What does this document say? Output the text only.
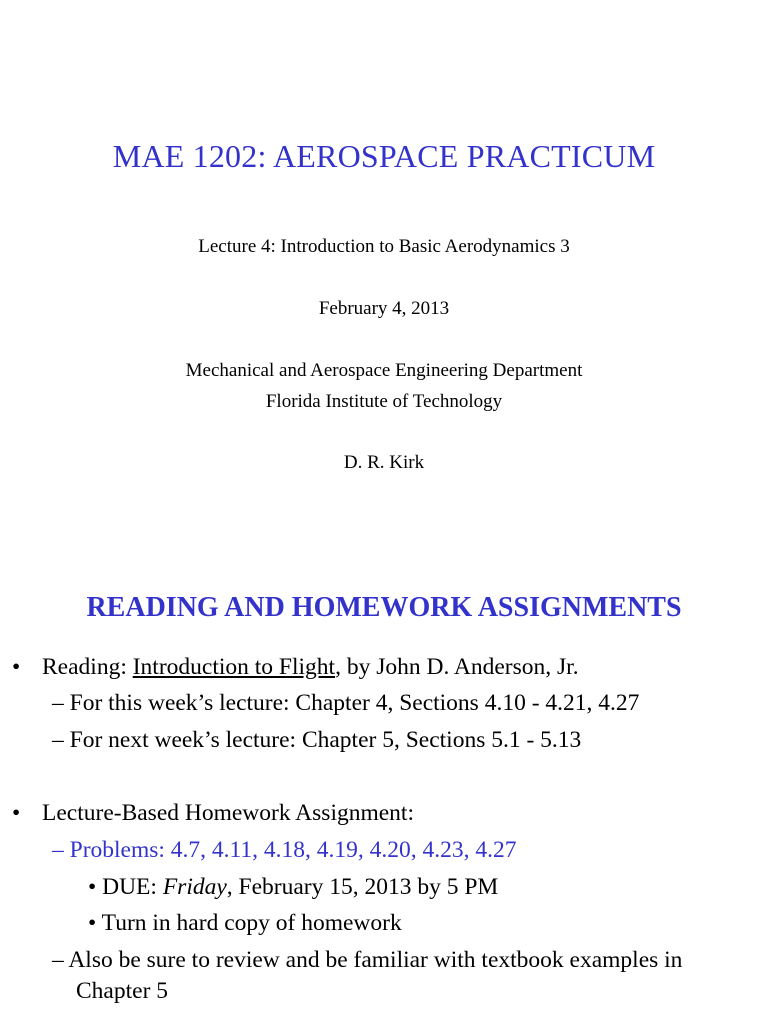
MAE 1202: AEROSPACE PRACTICUM

Lecture 4: Introduction to Basic Aerodynamics 3

February 4, 2013

Mechanical and Aerospace Engineering Department

Florida Institute of Technology

D. R. Kirk

READING AND HOMEWORK ASSIGNMENTS
• Reading: Introduction to Flight, by John D. Anderson, Jr.
– For this week’s lecture: Chapter 4, Sections 4.10 - 4.21, 4.27
– For next week’s lecture: Chapter 5, Sections 5.1 - 5.13
• Lecture-Based Homework Assignment:
– Problems: 4.7, 4.11, 4.18, 4.19, 4.20, 4.23, 4.27
• DUE: Friday, February 15, 2013 by 5 PM
• Turn in hard copy of homework
– Also be sure to review and be familiar with textbook examples in
Chapter 5
